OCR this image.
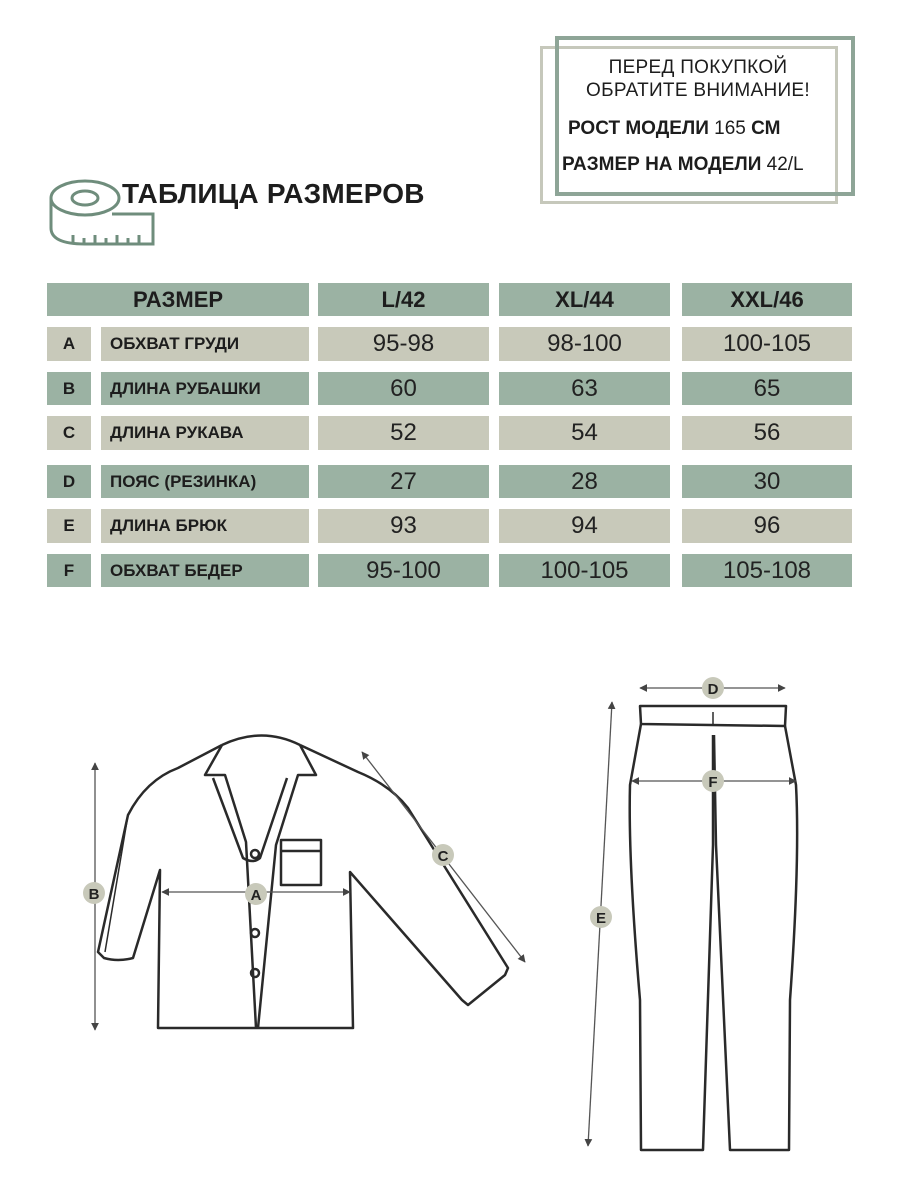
ПЕРЕД ПОКУПКОЙ
ОБРАТИТЕ ВНИМАНИЕ!
РОСТ МОДЕЛИ 165 СМ
РАЗМЕР НА МОДЕЛИ 42/L
ТАБЛИЦА РАЗМЕРОВ
РАЗМЕР	L/42	XL/44	XXL/46
A	ОБХВАТ ГРУДИ	95-98	98-100	100-105
B	ДЛИНА РУБАШКИ	60	63	65
C	ДЛИНА РУКАВА	52	54	56
D	ПОЯС (РЕЗИНКА)	27	28	30
E	ДЛИНА БРЮК	93	94	96
F	ОБХВАТ БЕДЕР	95-100	100-105	105-108
B	A
C
D
F
E
